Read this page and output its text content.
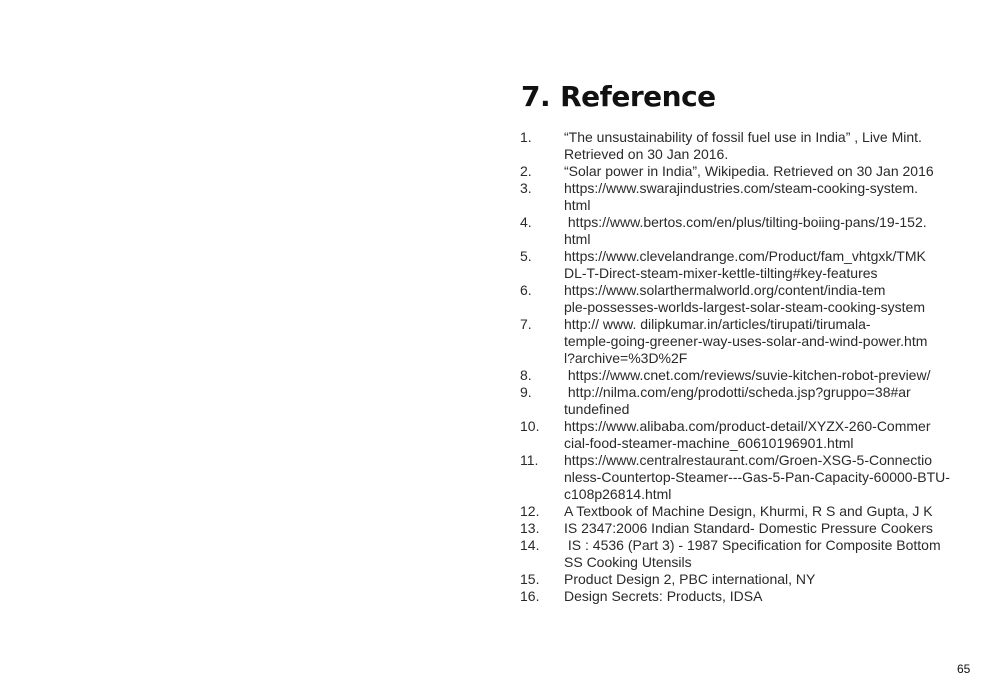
7. Reference
1.	“The unsustainability of fossil fuel use in India” , Live Mint.
Retrieved on 30 Jan 2016.
2.	“Solar power in India”, Wikipedia. Retrieved on 30 Jan 2016
3.	https://www.swarajindustries.com/steam-cooking-system.
html
4.	https://www.bertos.com/en/plus/tilting-boiing-pans/19-152.
html
5.	https://www.clevelandrange.com/Product/fam_vhtgxk/TMK
DL-T-Direct-steam-mixer-kettle-tilting#key-features
6.	https://www.solarthermalworld.org/content/india-tem
ple-possesses-worlds-largest-solar-steam-cooking-system
7.	http:// www. dilipkumar.in/articles/tirupati/tirumala-
temple-going-greener-way-uses-solar-and-wind-power.htm
l?archive=%3D%2F
8.	https://www.cnet.com/reviews/suvie-kitchen-robot-preview/
9.	http://nilma.com/eng/prodotti/scheda.jsp?gruppo=38#ar
tundefined
10.	https://www.alibaba.com/product-detail/XYZX-260-Commer
cial-food-steamer-machine_60610196901.html
11.	https://www.centralrestaurant.com/Groen-XSG-5-Connectio
nless-Countertop-Steamer---Gas-5-Pan-Capacity-60000-BTU-
c108p26814.html
12.	A Textbook of Machine Design, Khurmi, R S and Gupta, J K
13.	IS 2347:2006 Indian Standard- Domestic Pressure Cookers
14.	IS : 4536 (Part 3) - 1987 Specification for Composite Bottom
SS Cooking Utensils
15.	Product Design 2, PBC international, NY
16.	Design Secrets: Products, IDSA
65
